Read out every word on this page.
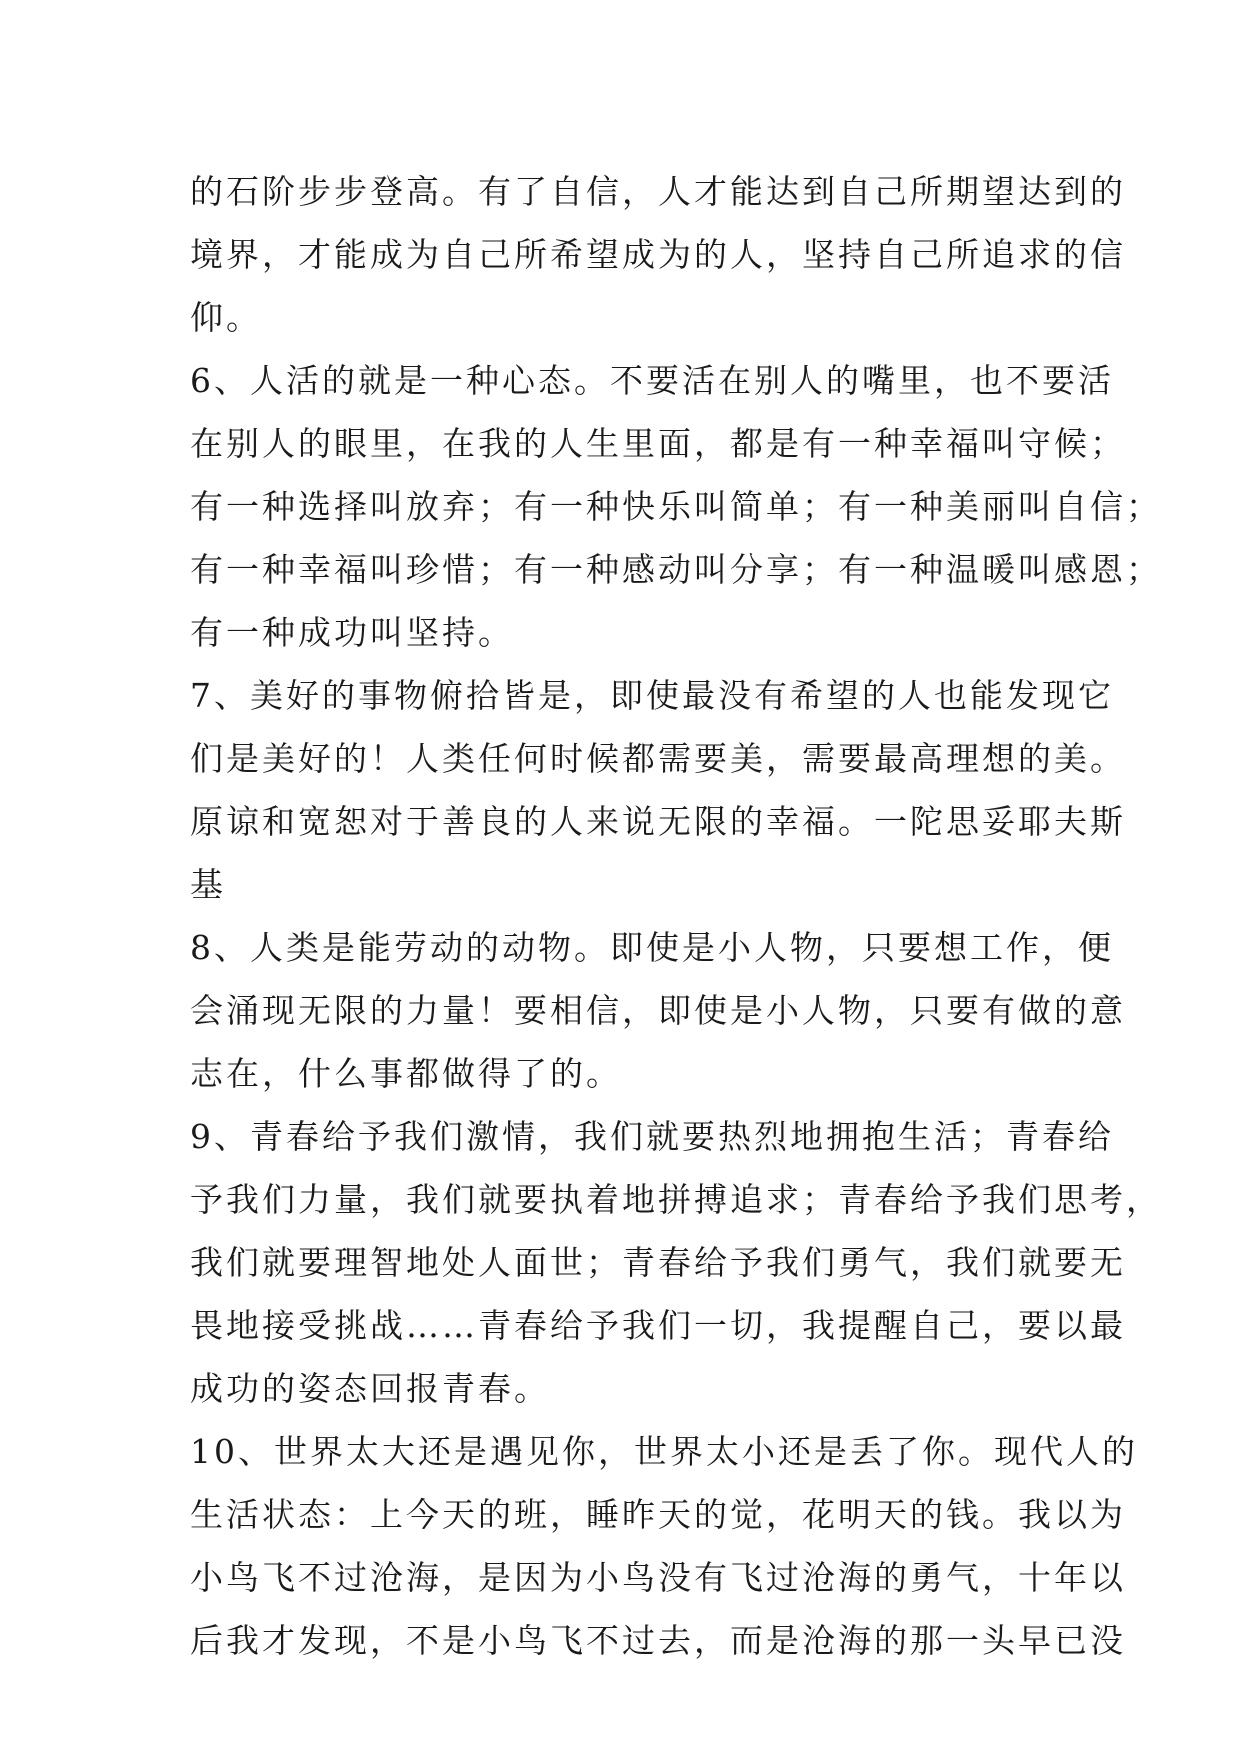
的石阶步步登高。有了自信，人才能达到自己所期望达到的
境界，才能成为自己所希望成为的人，坚持自己所追求的信
仰。
6、人活的就是一种心态。不要活在别人的嘴里，也不要活
在别人的眼里，在我的人生里面，都是有一种幸福叫守候；
有一种选择叫放弃；有一种快乐叫简单；有一种美丽叫自信；
有一种幸福叫珍惜；有一种感动叫分享；有一种温暖叫感恩；
有一种成功叫坚持。
7、美好的事物俯拾皆是，即使最没有希望的人也能发现它
们是美好的！人类任何时候都需要美，需要最高理想的美。
原谅和宽恕对于善良的人来说无限的幸福。一陀思妥耶夫斯
基
8、人类是能劳动的动物。即使是小人物，只要想工作，便
会涌现无限的力量！要相信，即使是小人物，只要有做的意
志在，什么事都做得了的。
9、青春给予我们激情，我们就要热烈地拥抱生活；青春给
予我们力量，我们就要执着地拼搏追求；青春给予我们思考，
我们就要理智地处人面世；青春给予我们勇气，我们就要无
畏地接受挑战……青春给予我们一切，我提醒自己，要以最
成功的姿态回报青春。
10、世界太大还是遇见你，世界太小还是丢了你。现代人的
生活状态：上今天的班，睡昨天的觉，花明天的钱。我以为
小鸟飞不过沧海，是因为小鸟没有飞过沧海的勇气，十年以
后我才发现，不是小鸟飞不过去，而是沧海的那一头早已没
